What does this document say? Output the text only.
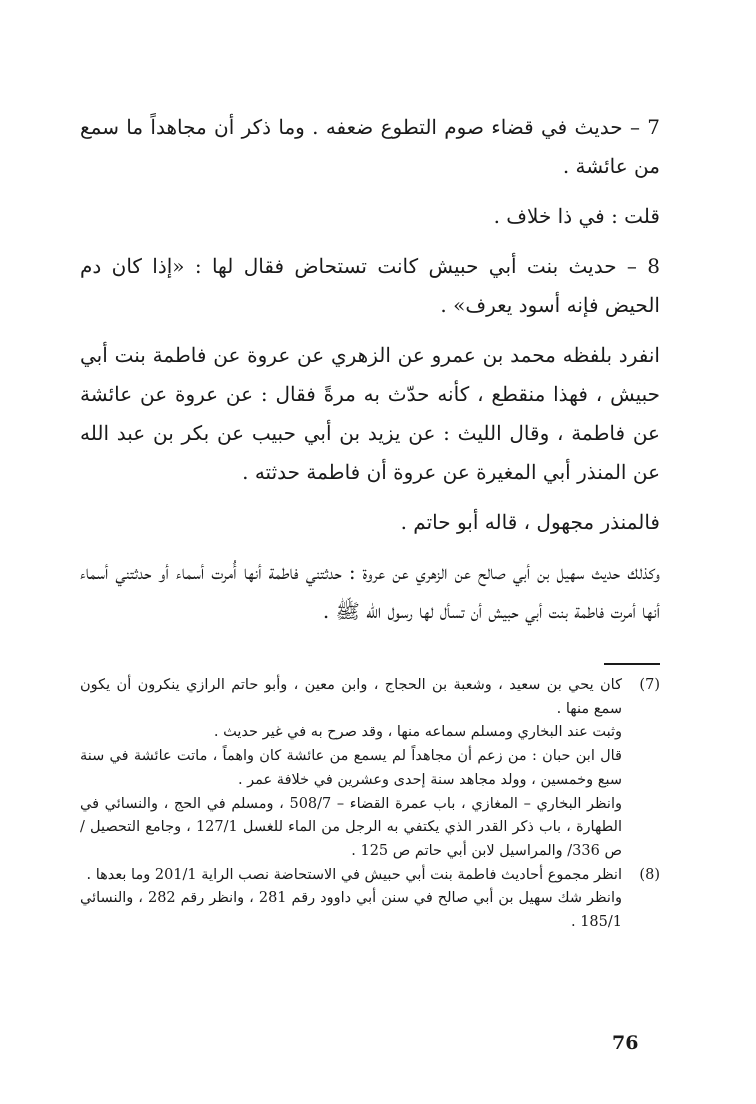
7 – حديث في قضاء صوم التطوع ضعفه . وما ذكر أن مجاهداً ما سمع من عائشة .

قلت : في ذا خلاف .

8 – حديث بنت أبي حبيش كانت تستحاض فقال لها : «إذا كان دم الحيض فإنه أسود يعرف» .

انفرد بلفظه محمد بن عمرو عن الزهري عن عروة عن فاطمة بنت أبي حبيش ، فهذا منقطع ، كأنه حدّث به مرةً فقال : عن عروة عن عائشة عن فاطمة ، وقال الليث : عن يزيد بن أبي حبيب عن بكر بن عبد الله عن المنذر أبي المغيرة عن عروة أن فاطمة حدثته .

فالمنذر مجهول ، قاله أبو حاتم .

وكذلك حديث سهيل بن أبي صالح عن الزهري عن عروة : حدثتني فاطمة أنها أُمرت أسماء أو حدثتني أسماء أنها أمرت فاطمة بنت أبي حبيش أن تسأل لها رسول الله ﷺ .

(7)

كان يحي بن سعيد ، وشعبة بن الحجاج ، وابن معين ، وأبو حاتم الرازي ينكرون أن يكون سمع منها .

وثبت عند البخاري ومسلم سماعه منها ، وقد صرح به في غير حديث .

قال ابن حبان : من زعم أن مجاهداً لم يسمع من عائشة كان واهماً ، ماتت عائشة في سنة سبع وخمسين ، وولد مجاهد سنة إحدى وعشرين في خلافة عمر .

وانظر البخاري – المغازي ، باب عمرة القضاء – 508/7 ، ومسلم في الحج ، والنسائي في الطهارة ، باب ذكر القدر الذي يكتفي به الرجل من الماء للغسل 127/1 ، وجامع التحصيل /ص 336/ والمراسيل لابن أبي حاتم ص 125 .

(8)

انظر مجموع أحاديث فاطمة بنت أبي حبيش في الاستحاضة نصب الراية 201/1 وما بعدها .

وانظر شك سهيل بن أبي صالح في سنن أبي داوود رقم 281 ، وانظر رقم 282 ، والنسائي 185/1 .

76
